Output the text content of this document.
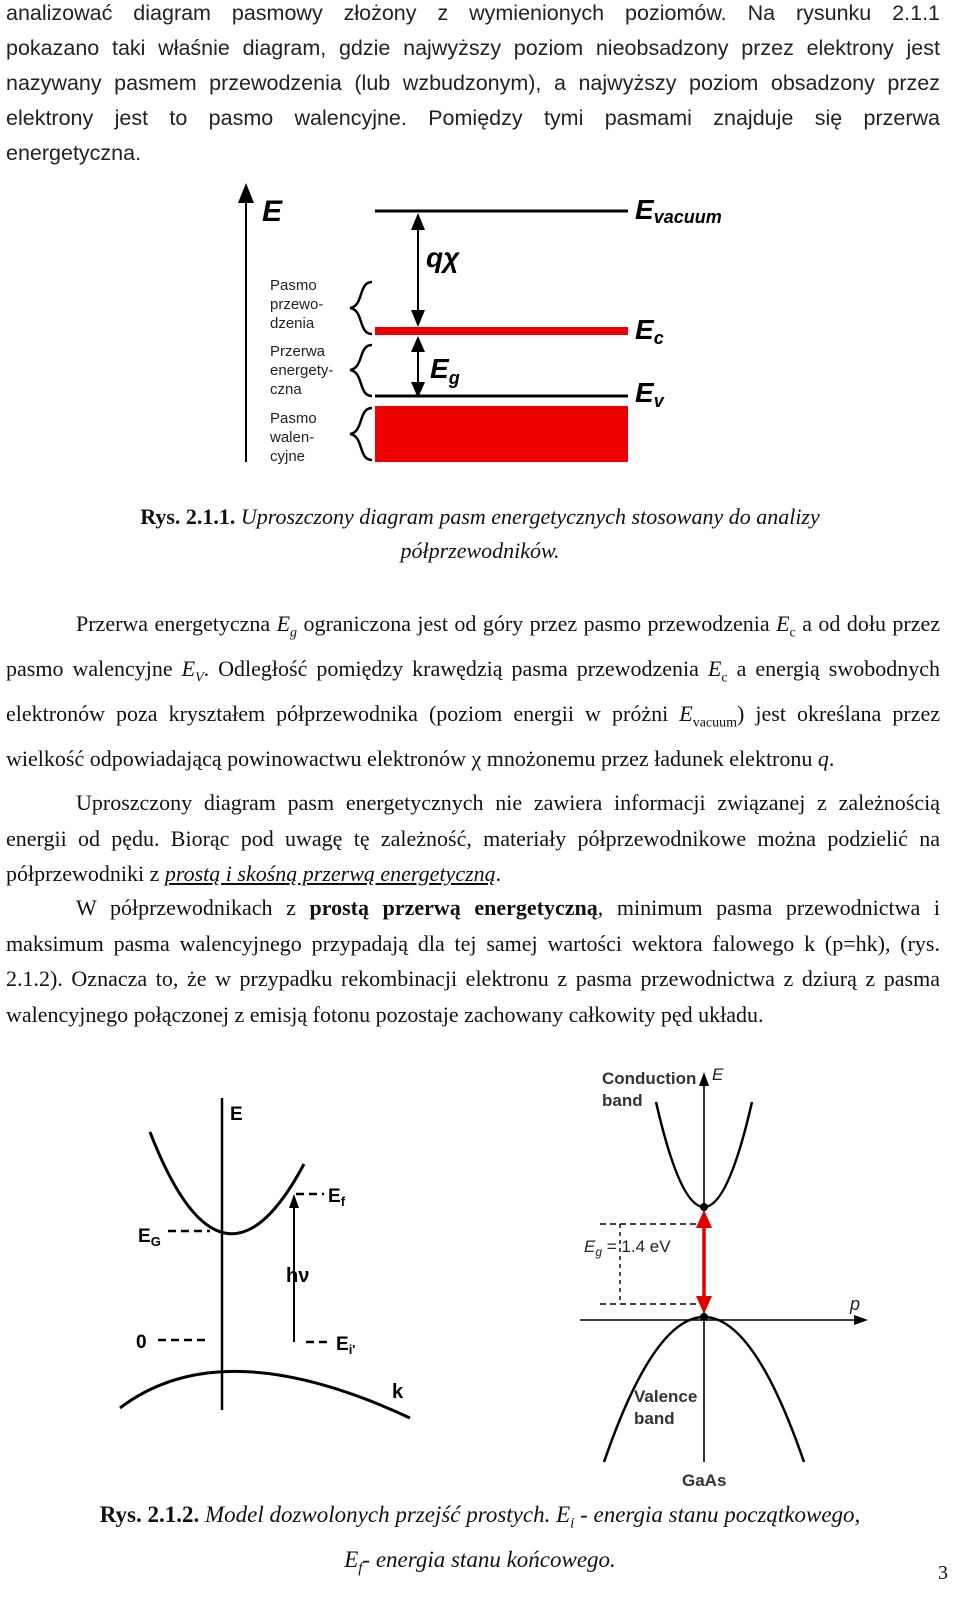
analizować diagram pasmowy złożony z wymienionych poziomów. Na rysunku 2.1.1
pokazano taki właśnie diagram, gdzie najwyższy poziom nieobsadzony przez elektrony jest
nazywany pasmem przewodzenia (lub wzbudzonym), a najwyższy poziom obsadzony przez
elektrony jest to pasmo walencyjne. Pomiędzy tymi pasmami znajduje się przerwa
energetyczna.
E
Pasmo
przewo-
dzenia
Przerwa
energety-
czna
Pasmo
walen-
cyjne
qχ
$E_g$
Evacuum
Ec
Ev
Rys. 2.1.1. Uproszczony diagram pasm energetycznych stosowany do analizy
półprzewodników.
Przerwa energetyczna $E_g$ ograniczona jest od góry przez pasmo przewodzenia $E_c$ a od dołu przez pasmo walencyjne $E_V$. Odległość pomiędzy krawędzią pasma przewodzenia $E_c$ a energią swobodnych elektronów poza kryształem półprzewodnika (poziom energii w próżni $E_{vacuum}$) jest określana przez wielkość odpowiadającą powinowactwu elektronów χ mnożonemu przez ładunek elektronu q.
Uproszczony diagram pasm energetycznych nie zawiera informacji związanej z zależnością energii od pędu. Biorąc pod uwagę tę zależność, materiały półprzewodnikowe można podzielić na półprzewodniki z prostą i skośną przerwą energetyczną.
W półprzewodnikach z prostą przerwą energetyczną, minimum pasma przewodnictwa i maksimum pasma walencyjnego przypadają dla tej samej wartości wektora falowego k (p=hk), (rys. 2.1.2). Oznacza to, że w przypadku rekombinacji elektronu z pasma przewodnictwa z dziurą z pasma walencyjnego połączonej z emisją fotonu pozostaje zachowany całkowity pęd układu.
E
$E_f$
$E_G$
hν
0	$E_{i'}$
k
Conduction band
E
p
$E_g = 1.4$ eV
Valence band
GaAs
Rys. 2.1.2. Model dozwolonych przejść prostych. $E_i$ - energia stanu początkowego,
$E_f-$ energia stanu końcowego.
3
